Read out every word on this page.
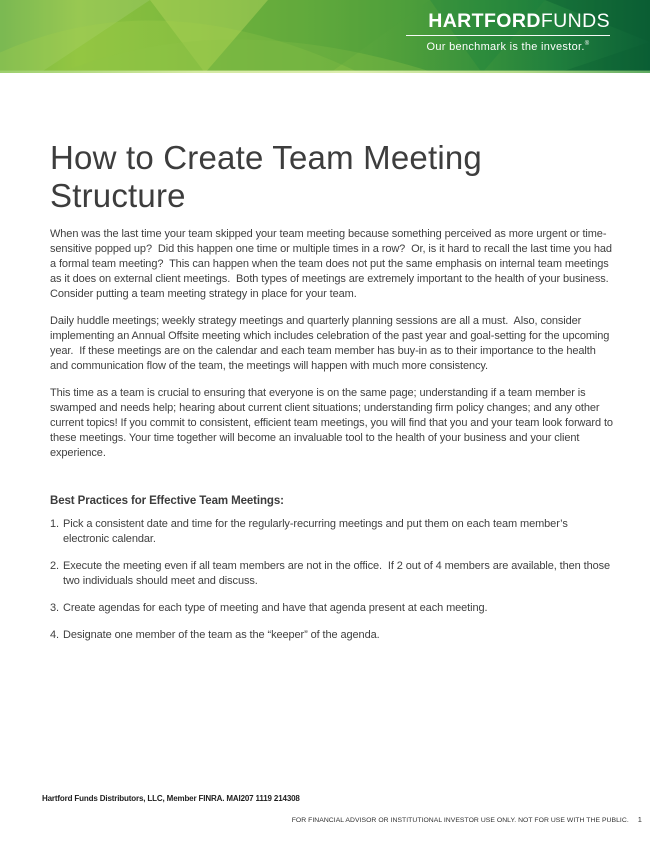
HARTFORDFUNDS
Our benchmark is the investor.®
How to Create Team Meeting Structure

When was the last time your team skipped your team meeting because something perceived as more urgent or time-sensitive popped up?  Did this happen one time or multiple times in a row?  Or, is it hard to recall the last time you had a formal team meeting?  This can happen when the team does not put the same emphasis on internal team meetings as it does on external client meetings.  Both types of meetings are extremely important to the health of your business. Consider putting a team meeting strategy in place for your team.

Daily huddle meetings; weekly strategy meetings and quarterly planning sessions are all a must.  Also, consider implementing an Annual Offsite meeting which includes celebration of the past year and goal-setting for the upcoming year.  If these meetings are on the calendar and each team member has buy-in as to their importance to the health and communication flow of the team, the meetings will happen with much more consistency.

This time as a team is crucial to ensuring that everyone is on the same page; understanding if a team member is swamped and needs help; hearing about current client situations; understanding firm policy changes; and any other current topics! If you commit to consistent, efficient team meetings, you will find that you and your team look forward to these meetings. Your time together will become an invaluable tool to the health of your business and your client experience.

Best Practices for Effective Team Meetings:
1. Pick a consistent date and time for the regularly-recurring meetings and put them on each team member’s electronic calendar.
2. Execute the meeting even if all team members are not in the office.  If 2 out of 4 members are available, then those two individuals should meet and discuss.
3. Create agendas for each type of meeting and have that agenda present at each meeting.
4. Designate one member of the team as the “keeper” of the agenda.
Hartford Funds Distributors, LLC, Member FINRA. MAI207 1119 214308
FOR FINANCIAL ADVISOR OR INSTITUTIONAL INVESTOR USE ONLY. NOT FOR USE WITH THE PUBLIC. 1
